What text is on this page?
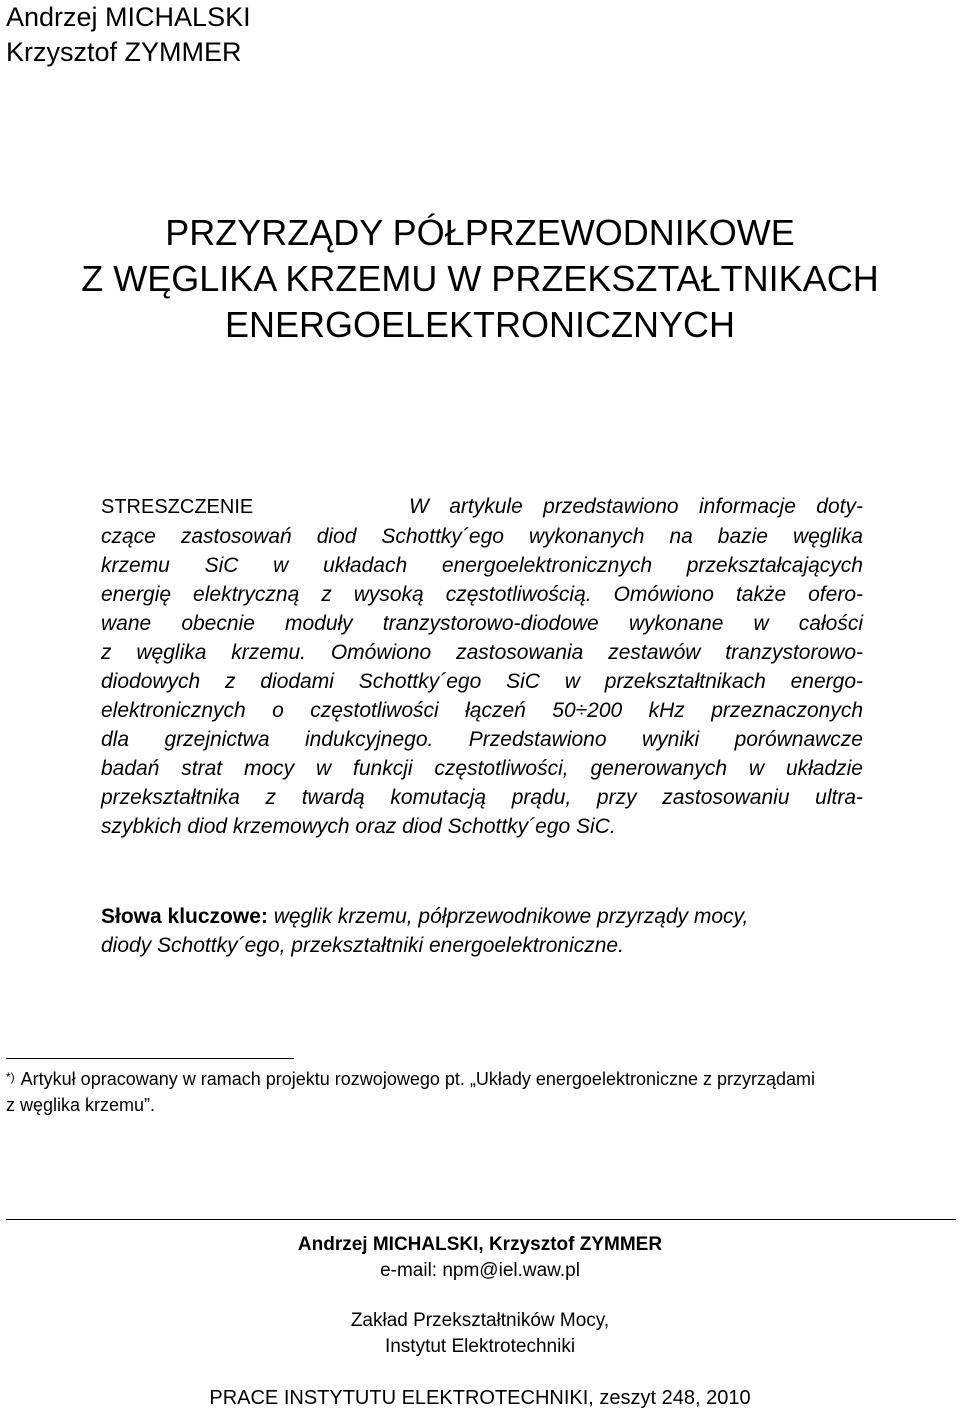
Andrzej MICHALSKI
Krzysztof ZYMMER
PRZYRZĄDY PÓŁPRZEWODNIKOWE
Z WĘGLIKA KRZEMU W PRZEKSZTAŁTNIKACH
ENERGOELEKTRONICZNYCH
STRESZCZENIE	W artykule przedstawiono informacje doty-
czące zastosowań diod Schottky´ego wykonanych na bazie węglika
krzemu SiC w układach energoelektronicznych przekształcających
energię elektryczną z wysoką częstotliwością. Omówiono także ofero-
wane obecnie moduły tranzystorowo-diodowe wykonane w całości
z węglika krzemu. Omówiono zastosowania zestawów tranzystorowo-
diodowych z diodami Schottky´ego SiC w przekształtnikach energo-
elektronicznych o częstotliwości łączeń 50÷200 kHz przeznaczonych
dla grzejnictwa indukcyjnego. Przedstawiono wyniki porównawcze
badań strat mocy w funkcji częstotliwości, generowanych w układzie
przekształtnika z twardą komutacją prądu, przy zastosowaniu ultra-
szybkich diod krzemowych oraz diod Schottky´ego SiC.
Słowa kluczowe: węglik krzemu, półprzewodnikowe przyrządy mocy,
diody Schottky´ego, przekształtniki energoelektroniczne.
*) Artykuł opracowany w ramach projektu rozwojowego pt. „Układy energoelektroniczne z przyrządami
z węglika krzemu”.
Andrzej MICHALSKI, Krzysztof ZYMMER
e-mail: npm@iel.waw.pl
Zakład Przekształtników Mocy,
Instytut Elektrotechniki
PRACE INSTYTUTU ELEKTROTECHNIKI, zeszyt 248, 2010
